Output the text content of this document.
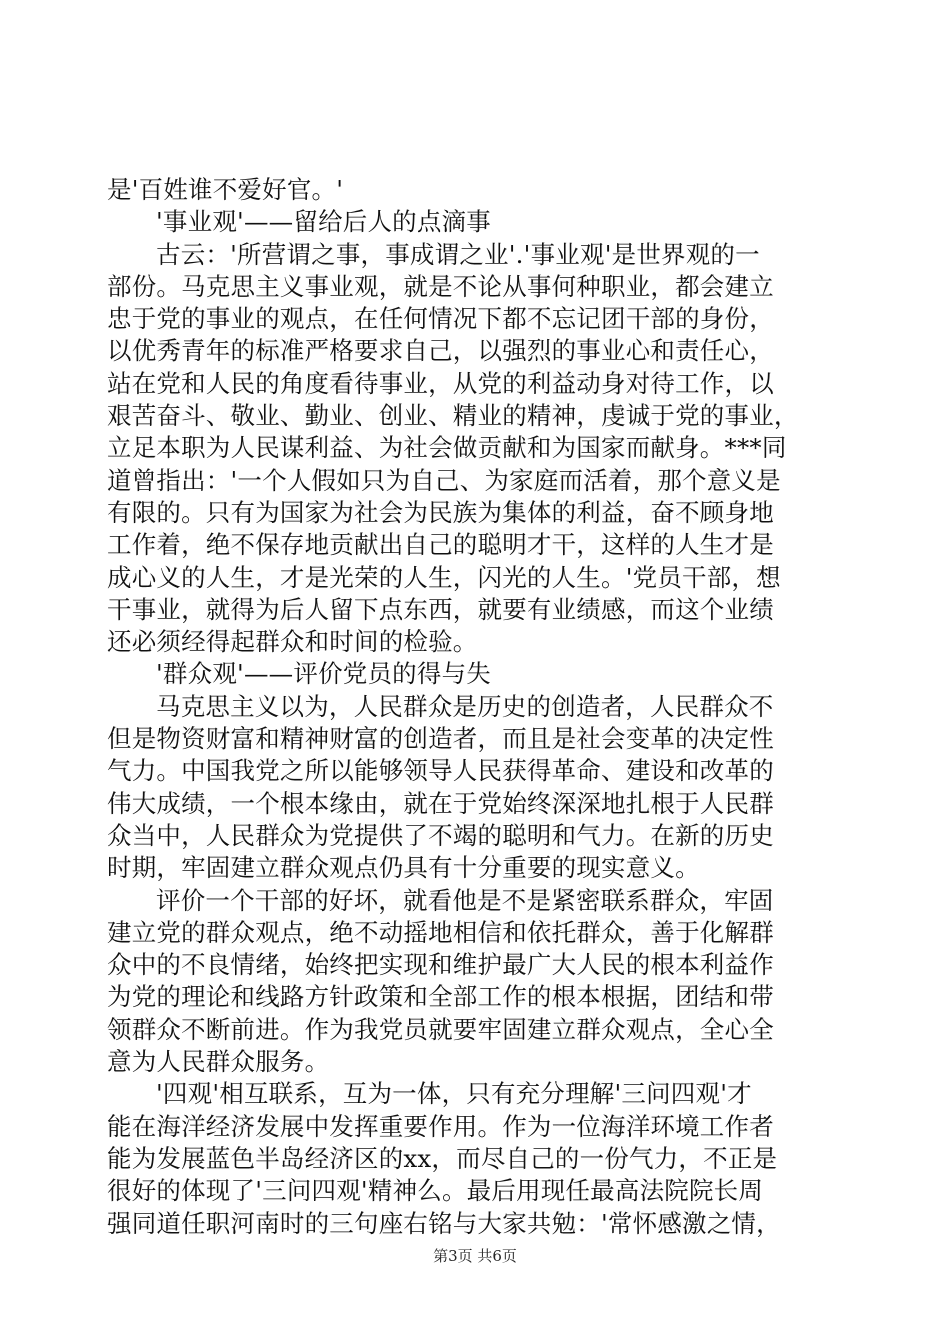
是'百姓谁不爱好官。'
'事业观'——留给后人的点滴事
古云：'所营谓之事，事成谓之业'.'事业观'是世界观的一
部份。马克思主义事业观，就是不论从事何种职业，都会建立
忠于党的事业的观点，在任何情况下都不忘记团干部的身份，
以优秀青年的标准严格要求自己，以强烈的事业心和责任心，
站在党和人民的角度看待事业，从党的利益动身对待工作，以
艰苦奋斗、敬业、勤业、创业、精业的精神，虔诚于党的事业，
立足本职为人民谋利益、为社会做贡献和为国家而献身。***同
道曾指出：'一个人假如只为自己、为家庭而活着，那个意义是
有限的。只有为国家为社会为民族为集体的利益，奋不顾身地
工作着，绝不保存地贡献出自己的聪明才干，这样的人生才是
成心义的人生，才是光荣的人生，闪光的人生。'党员干部，想
干事业，就得为后人留下点东西，就要有业绩感，而这个业绩
还必须经得起群众和时间的检验。
'群众观'——评价党员的得与失
马克思主义以为，人民群众是历史的创造者，人民群众不
但是物资财富和精神财富的创造者，而且是社会变革的决定性
气力。中国我党之所以能够领导人民获得革命、建设和改革的
伟大成绩，一个根本缘由，就在于党始终深深地扎根于人民群
众当中，人民群众为党提供了不竭的聪明和气力。在新的历史
时期，牢固建立群众观点仍具有十分重要的现实意义。
评价一个干部的好坏，就看他是不是紧密联系群众，牢固
建立党的群众观点，绝不动摇地相信和依托群众，善于化解群
众中的不良情绪，始终把实现和维护最广大人民的根本利益作
为党的理论和线路方针政策和全部工作的根本根据，团结和带
领群众不断前进。作为我党员就要牢固建立群众观点，全心全
意为人民群众服务。
'四观'相互联系，互为一体，只有充分理解'三问四观'才
能在海洋经济发展中发挥重要作用。作为一位海洋环境工作者
能为发展蓝色半岛经济区的xx，而尽自己的一份气力，不正是
很好的体现了'三问四观'精神么。最后用现任最高法院院长周
强同道任职河南时的三句座右铭与大家共勉：'常怀感激之情，
第3页 共6页
